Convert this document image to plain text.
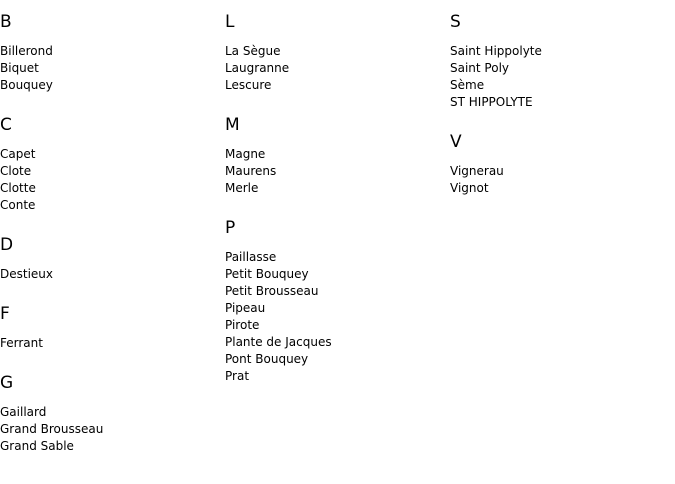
B
Billerond
Biquet
Bouquey
C
Capet
Clote
Clotte
Conte
D
Destieux
F
Ferrant
G
Gaillard
Grand Brousseau
Grand Sable
L
La Sègue
Laugranne
Lescure
M
Magne
Maurens
Merle
P
Paillasse
Petit Bouquey
Petit Brousseau
Pipeau
Pirote
Plante de Jacques
Pont Bouquey
Prat
S
Saint Hippolyte
Saint Poly
Sème
ST HIPPOLYTE
V
Vignerau
Vignot
